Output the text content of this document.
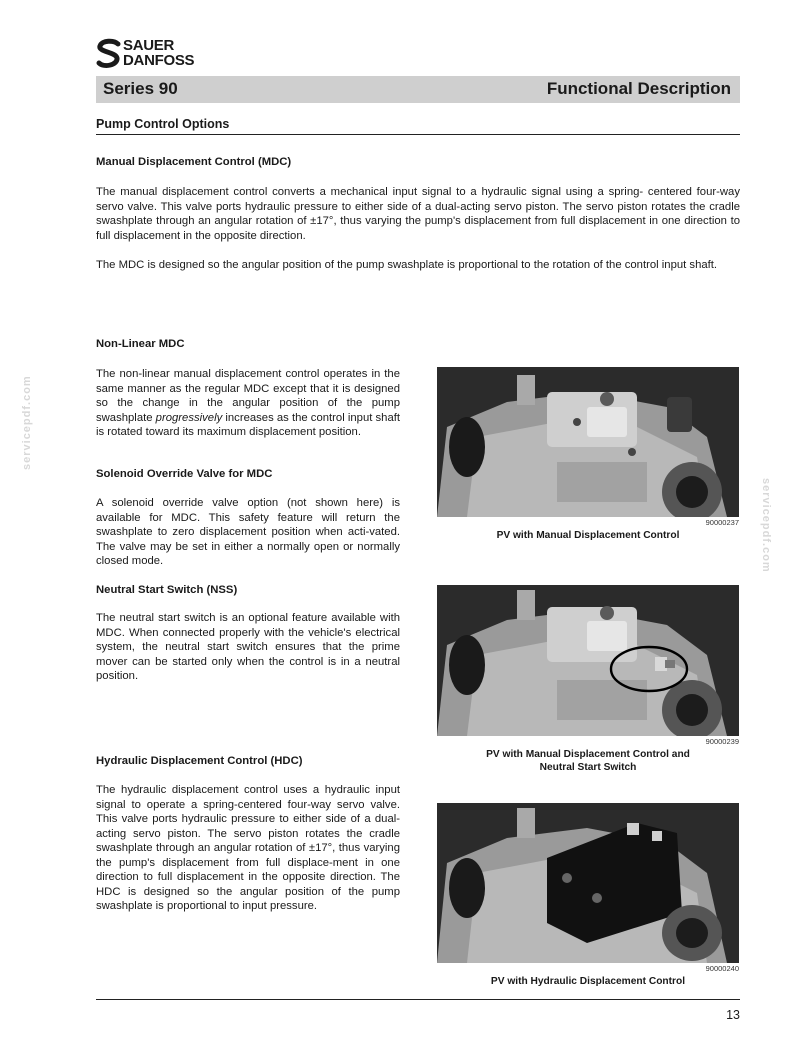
SAUER
DANFOSS
Series 90	Functional Description
Pump Control Options
Manual Displacement Control (MDC)

The manual displacement control converts a mechanical input signal to a hydraulic signal using a spring- centered four-way servo valve. This valve ports hydraulic pressure to either side of a dual-acting servo piston. The servo piston rotates the cradle swashplate through an angular rotation of ±17°, thus varying the pump's displacement from full displacement in one direction to full displacement in the opposite direction.

The MDC is designed so the angular position of the pump swashplate is proportional to the rotation of the control input shaft.

Non-Linear MDC

The non-linear manual displacement control operates in the same manner as the regular MDC except that it is designed so the change in the angular position of the pump swashplate progressively increases as the control input shaft is rotated toward its maximum displacement position.

Solenoid Override Valve for MDC

A solenoid override valve option (not shown here) is available for MDC. This safety feature will return the swashplate to zero displacement position when acti-vated. The valve may be set in either a normally open or normally closed mode.

Neutral Start Switch (NSS)

The neutral start switch is an optional feature available with MDC. When connected properly with the vehicle's electrical system, the neutral start switch ensures that the prime mover can be started only when the control is in a neutral position.

Hydraulic Displacement Control (HDC)

The hydraulic displacement control uses a hydraulic input signal to operate a spring-centered four-way servo valve. This valve ports hydraulic pressure to either side of a dual-acting servo piston. The servo piston rotates the cradle swashplate through an angular rotation of ±17°, thus varying the pump's displacement from full displace-ment in one direction to full displacement in the opposite direction. The HDC is designed so the angular position of the pump swashplate is proportional to input pressure.

90000237
PV with Manual Displacement Control
90000239
PV with Manual Displacement Control and
Neutral Start Switch
90000240
PV with Hydraulic Displacement Control
13
servicepdf.com
servicepdf.com
